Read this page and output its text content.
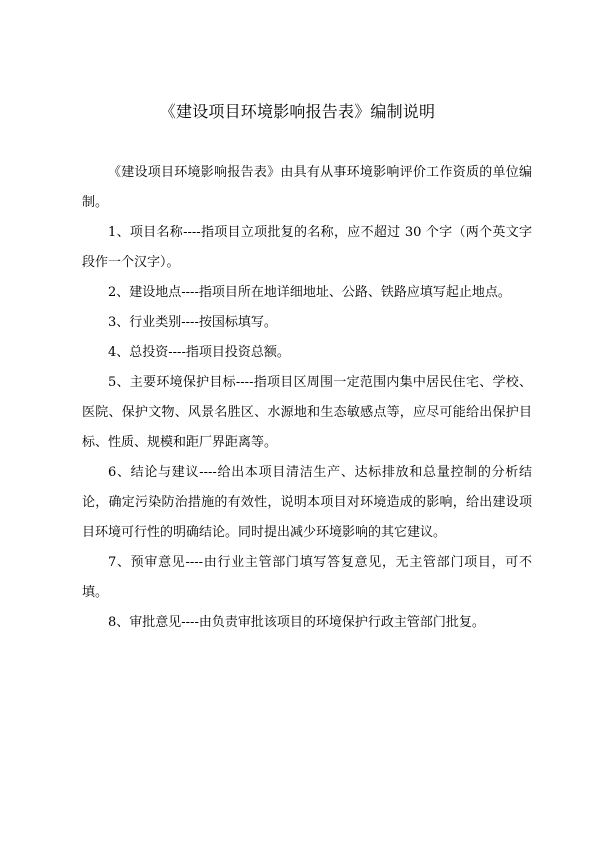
《建设项目环境影响报告表》编制说明

《建设项目环境影响报告表》由具有从事环境影响评价工作资质的单位编制。

1、项目名称----指项目立项批复的名称，应不超过 30 个字（两个英文字段作一个汉字）。

2、建设地点----指项目所在地详细地址、公路、铁路应填写起止地点。

3、行业类别----按国标填写。

4、总投资----指项目投资总额。

5、主要环境保护目标----指项目区周围一定范围内集中居民住宅、学校、医院、保护文物、风景名胜区、水源地和生态敏感点等，应尽可能给出保护目标、性质、规模和距厂界距离等。

6、结论与建议----给出本项目清洁生产、达标排放和总量控制的分析结论，确定污染防治措施的有效性，说明本项目对环境造成的影响，给出建设项目环境可行性的明确结论。同时提出减少环境影响的其它建议。

7、预审意见----由行业主管部门填写答复意见，无主管部门项目，可不填。

8、审批意见----由负责审批该项目的环境保护行政主管部门批复。
